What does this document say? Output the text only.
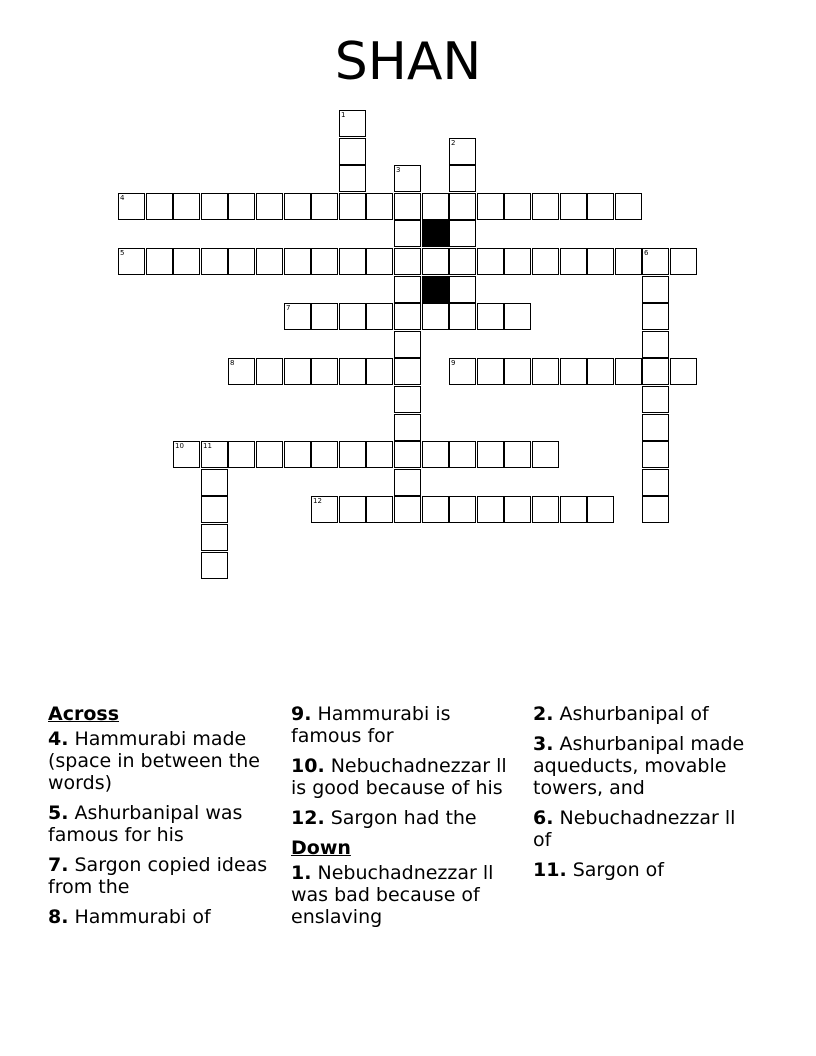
SHAN
4
5	6
7
8	9
10	11
12
1
2
3
Across
4. Hammurabi made (space in between the words)
5. Ashurbanipal was famous for his
7. Sargon copied ideas from the
8. Hammurabi of
9. Hammurabi is famous for
10. Nebuchadnezzar ll is good because of his
12. Sargon had the
Down
1. Nebuchadnezzar ll was bad because of enslaving
2. Ashurbanipal of
3. Ashurbanipal made aqueducts, movable towers, and
6. Nebuchadnezzar ll of
11. Sargon of
